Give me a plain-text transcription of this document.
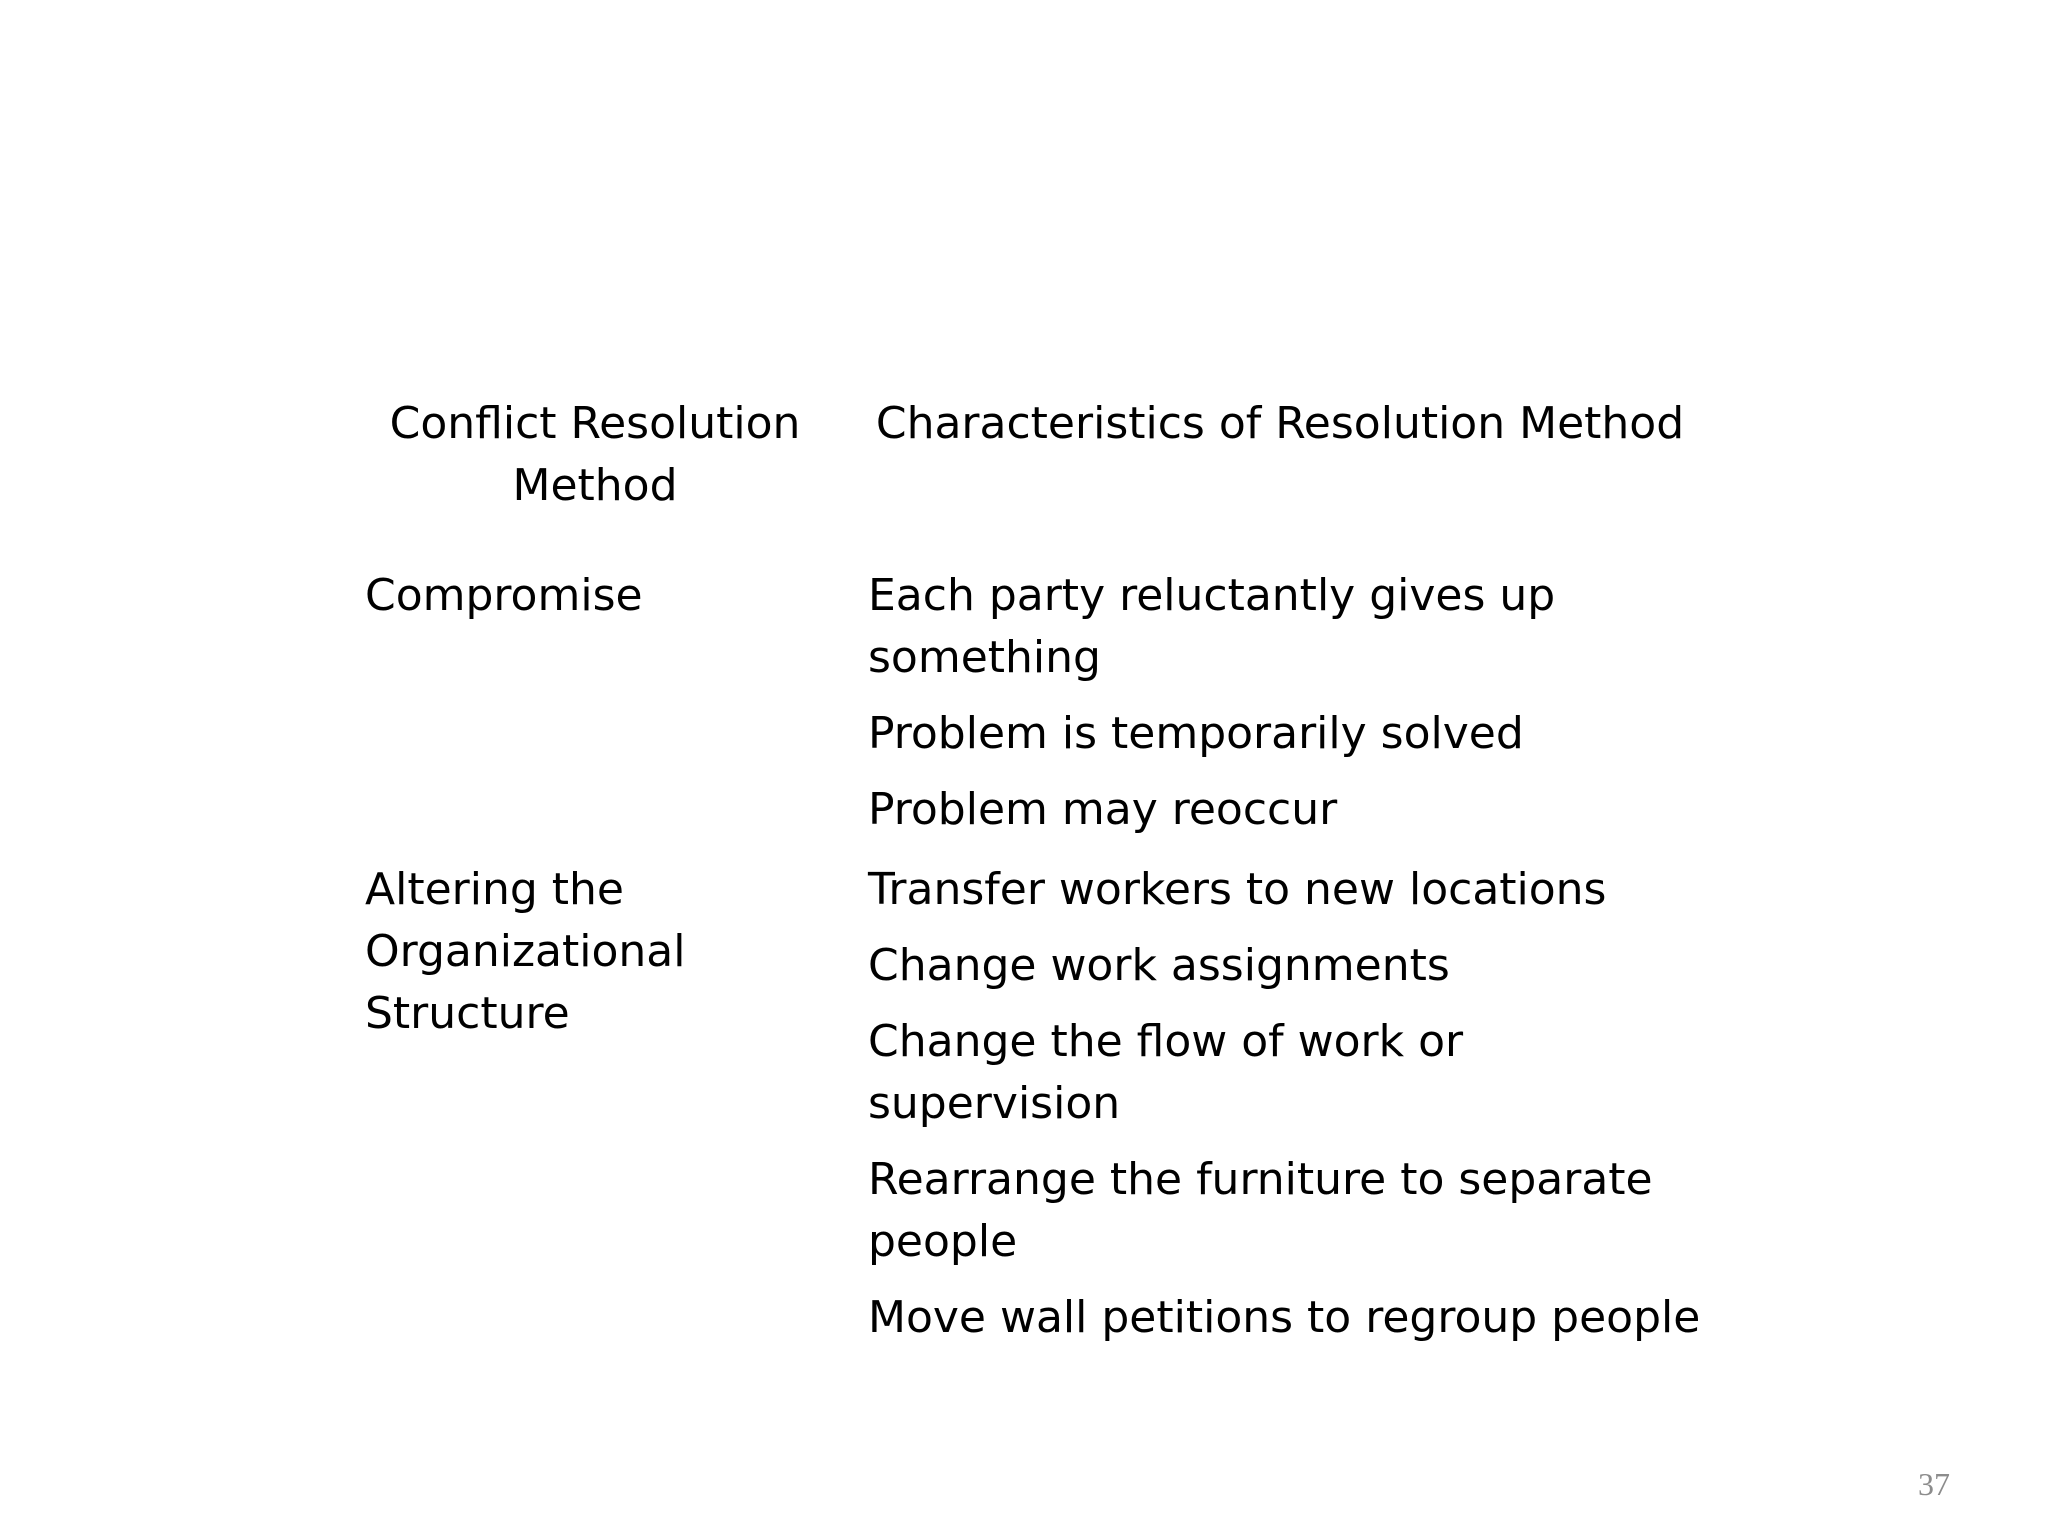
Conflict Resolution
Method
Characteristics of Resolution Method
Compromise	Each party reluctantly gives up something
Problem is temporarily solved
Problem may reoccur
Altering the
Organizational
Structure
Transfer workers to new locations
Change work assignments
Change the flow of work or supervision
Rearrange the furniture to separate people
Move wall petitions to regroup people
37
